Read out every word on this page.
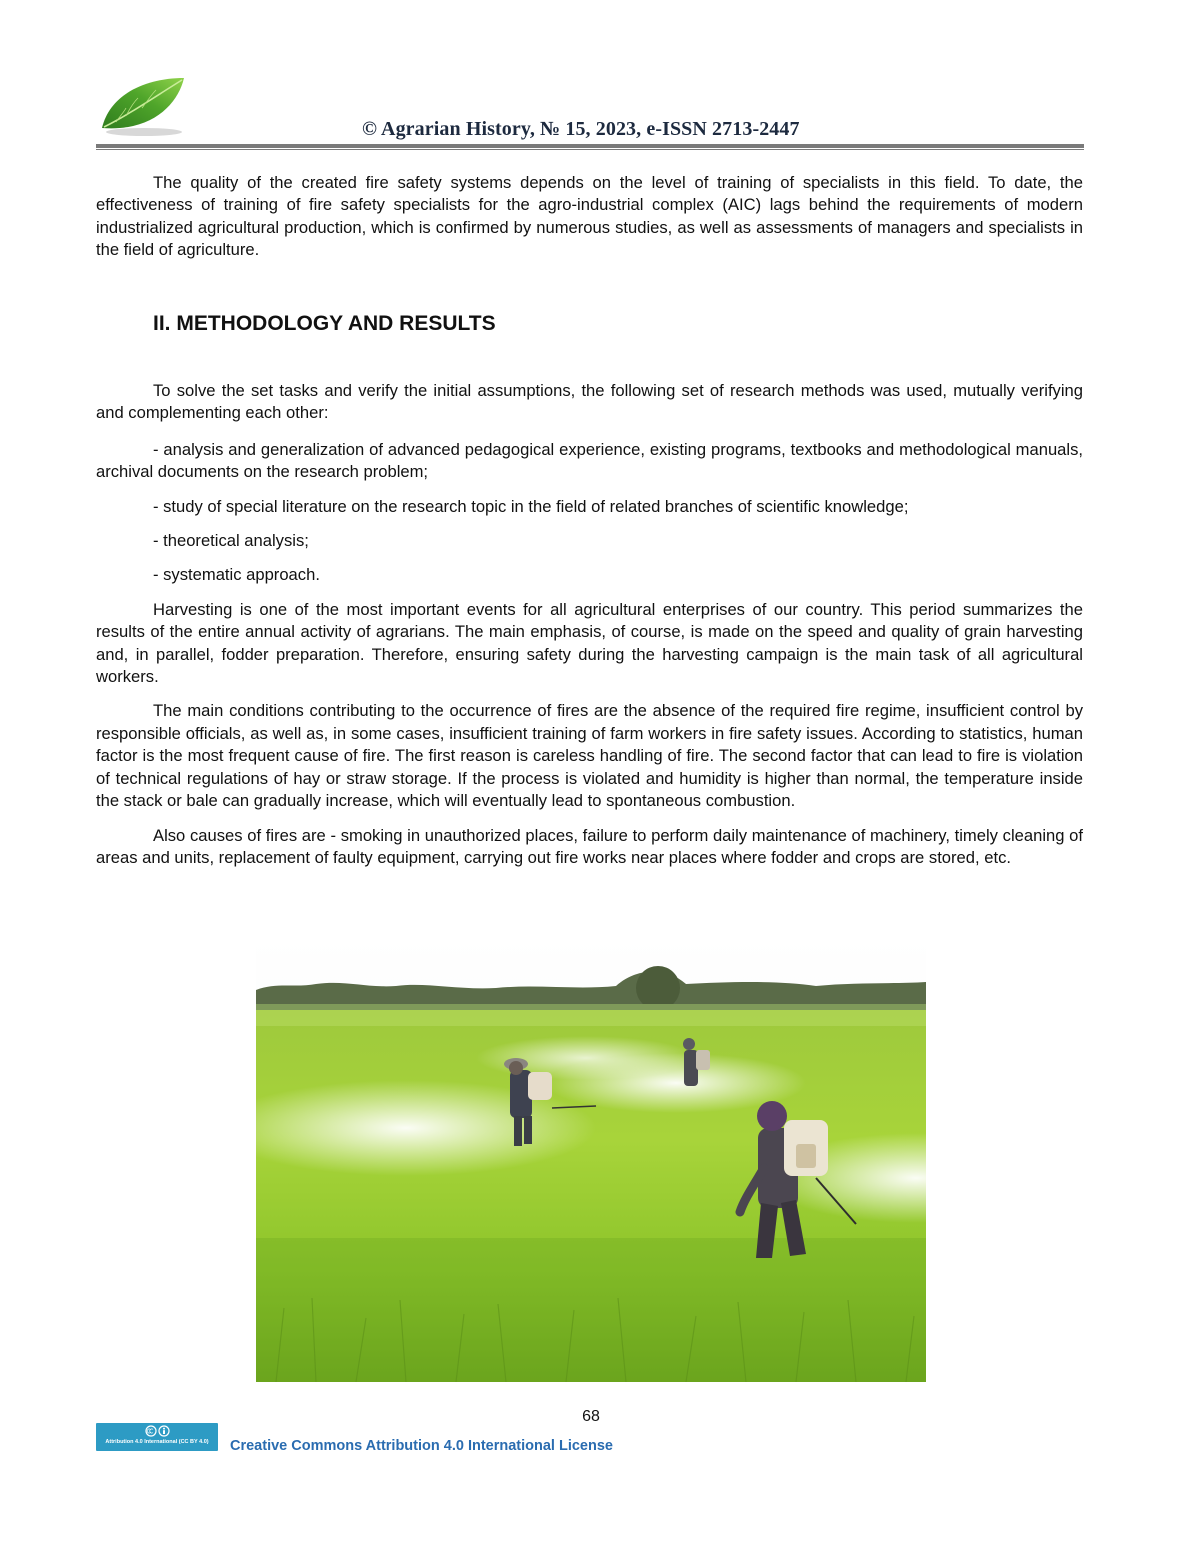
© Agrarian History, № 15, 2023, e-ISSN 2713-2447

The quality of the created fire safety systems depends on the level of training of specialists in this field. To date, the effectiveness of training of fire safety specialists for the agro-industrial complex (AIC) lags behind the requirements of modern industrialized agricultural production, which is confirmed by numerous studies, as well as assessments of managers and specialists in the field of agriculture.

II. METHODOLOGY AND RESULTS

To solve the set tasks and verify the initial assumptions, the following set of research methods was used, mutually verifying and complementing each other:

- analysis and generalization of advanced pedagogical experience, existing programs, textbooks and methodological manuals, archival documents on the research problem;

- study of special literature on the research topic in the field of related branches of scientific knowledge;

- theoretical analysis;

- systematic approach.

Harvesting is one of the most important events for all agricultural enterprises of our country. This period summarizes the results of the entire annual activity of agrarians. The main emphasis, of course, is made on the speed and quality of grain harvesting and, in parallel, fodder preparation. Therefore, ensuring safety during the harvesting campaign is the main task of all agricultural workers.

The main conditions contributing to the occurrence of fires are the absence of the required fire regime, insufficient control by responsible officials, as well as, in some cases, insufficient training of farm workers in fire safety issues. According to statistics, human factor is the most frequent cause of fire. The first reason is careless handling of fire. The second factor that can lead to fire is violation of technical regulations of hay or straw storage. If the process is violated and humidity is higher than normal, the temperature inside the stack or bale can gradually increase, which will eventually lead to spontaneous combustion.

Also causes of fires are - smoking in unauthorized places, failure to perform daily maintenance of machinery, timely cleaning of areas and units, replacement of faulty equipment, carrying out fire works near places where fodder and crops are stored, etc.

68
Attribution 4.0 International (CC BY 4.0)	Creative Commons Attribution 4.0 International License
